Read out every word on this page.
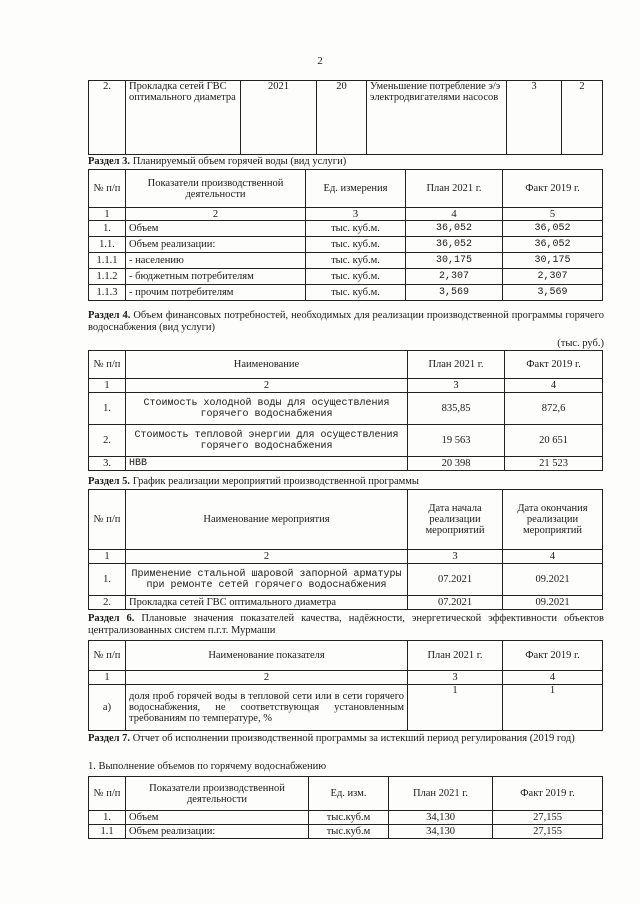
2
2.	Прокладка сетей ГВС оптимального диаметра	2021	20	Уменьшение потребление э/э электродвигателями насосов	3	2
Раздел 3. Планируемый объем горячей воды (вид услуги)
№ п/п	Показатели производственной деятельности	Ед. измерения	План 2021 г.	Факт 2019 г.
1	2	3	4	5
1.	Объем	тыс. куб.м.	36,052	36,052
1.1.	Объем реализации:	тыс. куб.м.	36,052	36,052
1.1.1	- населению	тыс. куб.м.	30,175	30,175
1.1.2	- бюджетным потребителям	тыс. куб.м.	2,307	2,307
1.1.3	- прочим потребителям	тыс. куб.м.	3,569	3,569
Раздел 4. Объем финансовых потребностей, необходимых для реализации производственной программы горячего водоснабжения (вид услуги)
(тыс. руб.)
№ п/п	Наименование	План 2021 г.	Факт 2019 г.
1	2	3	4
1.	Стоимость холодной воды для осуществления горячего водоснабжения	835,85	872,6
2.	Стоимость тепловой энергии для осуществления горячего водоснабжения	19 563	20 651
3.	НВВ	20 398	21 523
Раздел 5. График реализации мероприятий производственной программы
№ п/п	Наименование мероприятия	Дата начала реализации мероприятий	Дата окончания реализации мероприятий
1	2	3	4
1.	Применение стальной шаровой запорной арматуры при ремонте сетей горячего водоснабжения	07.2021	09.2021
2.	Прокладка сетей ГВС оптимального диаметра	07.2021	09.2021
Раздел 6. Плановые значения показателей качества, надёжности, энергетической эффективности объектов централизованных систем п.г.т. Мурмаши
№ п/п	Наименование показателя	План 2021 г.	Факт 2019 г.
1	2	3	4
а)	доля проб горячей воды в тепловой сети или в сети горячего водоснабжения, не соответствующая установленным требованиям по температуре, %	1	1
Раздел 7. Отчет об исполнении производственной программы за истекший период регулирования (2019 год)
1. Выполнение объемов по горячему водоснабжению
№ п/п	Показатели производственной деятельности	Ед. изм.	План 2021 г.	Факт 2019 г.
1.	Объем	тыс.куб.м	34,130	27,155
1.1	Объем реализации:	тыс.куб.м	34,130	27,155
